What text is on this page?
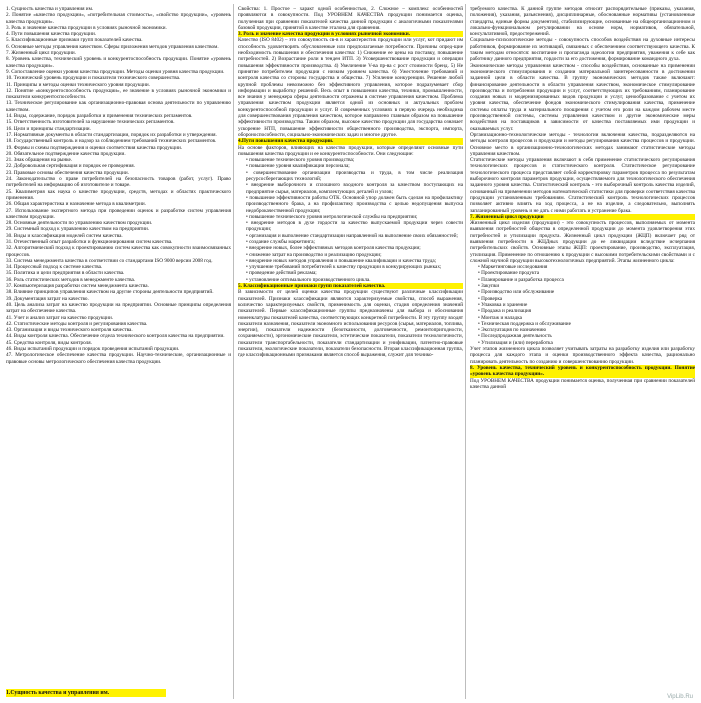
1. Сущность качества и управления им.
2. Понятие «качество продукции», «потребительная стоимость», «свойство продукции», «уровень качества продукции».
3. Роль и значение качества продукции в условиях рыночной экономики.
4. Пути повышения качества продукции.
5. Классификационные признаки групп показателей качества.
6. Основные методы управления качеством. Сферы приложения методов управления качеством.
7. Жизненный цикл продукции.
8. Уровень качества, технический уровень и конкурентоспособность продукции. Понятие «уровень качества продукции».
9. Сопоставление оценки уровня качества продукции. Методы оценки уровня качества продукции.
10. Технический уровень продукции и показатели технического совершенства.
11. Принципы и методы оценки технического уровня продукции.
12. Понятие «конкурентоспособность продукции», ее значение в условиях рыночной экономики и показатели конкурентоспособности.
13. Техническое регулирование как организационно-правовая основа деятельности по управлению качеством.
14. Виды, содержание, порядок разработки и применения технических регламентов.
15. Ответственность изготовителей за нарушение технических регламентов.
16. Цели и принципы стандартизации.
17. Нормативные документы в области стандартизации, порядок их разработки и утверждения.
18. Государственный контроль и надзор за соблюдением требований технических регламентов.
19. Формы и схемы подтверждения и оценки соответствия качества продукции.
20. Обязательное подтверждение качества продукции.
21. Знак обращения на рынке.
22. Добровольная сертификация и порядок ее проведения.
23. Правовые основы обеспечения качества продукции.
24. Законодательство о праве потребителей на безопасность товаров (работ, услуг). Право потребителей на информацию об изготовителе и товаре.
25. Квалиметрия как наука о качестве продукции, cредств, методах и областях практического применения.
26. Общая характеристика и назначение метода в квалиметрии.
27. Использование экспертного метода при проведении оценок и разработке систем управления качеством продукции.
28. Основные деятельности по управлению качеством продукции.
29. Системный подход к управлению качеством на предприятии.
30. Виды и классификация моделей систем качества.
31. Отечественный опыт разработки и функционирования систем качества.
32. Алгоритмический подход к проектированию систем качества как совокупности взаимосвязанных процессов.
33. Система менеджмента качества в соответствии со стандартами ISO 9000 версии 2008 год.
34. Процессный подход к системе качества.
35. Политика и цели предприятия в области качества.
36. Роль статистических методов в менеджменте качества.
37. Компьютеризация разработки систем менеджмента качества.
38. Влияние принципов управления качеством на другие стороны деятельности предприятий.
39. Документация затрат на качество.
40. Цель анализа затрат на качество продукции на предприятии. Основные принципы определения затрат на обеспечение качества.
41. Учет и анализ затрат на качество продукции.
42. Статистические методы контроля и регулирования качества.
43. Организация и виды технического контроля качества.
44. Виды контроля качества. Обеспечение отдела технического контроля качества на предприятии.
45. Средства контроля, виды контроля.
46. Виды испытаний продукции и порядок проведения испытаний продукции.
47. Метрологическое обеспечение качества продукции. Научно-технические, организационные и правовые основы метрологического обеспечения качества продукции.
Свойства: 1. Простое – характ одной особенностью, 2. Сложное – комплекс особенностей проявляются в совокупности. Под УРОВНЕМ КАЧЕСТВА продукции понимается оценка, полученная при сравнении показателей качества данной продукции с аналогичными показателями базовой продукции, принятой в качестве эталона для сравнения.
3. Роль и значение качества продукции в условиях рыночной экономики.
Качество (ISO 8402) – это совокупность св-в и характеристик продукции или услуг, кот придают им способность удовлетворять обусловленные или предполагаемые потребности. Причины опред-щие необходимость повышения и обеспечения качества: 1) Снижение ее цены на поставку, повышение потребностей. 2) Возрастание роли в тенден ИТП. 3) Усовершенствование продукции и операции повышения эффективности производства. 4) Увеличение V-ва пр-ва с рост стоимости бренд. 5) Не принятие потребителем продукции с низким уровнем качества. 6) Ужесточение требований и контроля качества со стороны государства и общества. 7) Усиление конкуренции. Решение любой крупной проблемы невозможно без эффективного управления, которое подразумевает сбор информации и выработку решений. Весь опыт в повышении качества, техники, промышленности, все знания у менеджера сферы деятельности отражены в системе управления качеством. Проблема управления качеством продукции является одной из основных и актуальных проблем конкурентоспособной продукции и услуг. В современных условиях в первую очередь необходима для совершенствования управления качеством, которое направлено главным образом на повышение эффективности производства. Таким образом, высокое качество продукции для государства означает ускорение НТП, повышение эффективности общественного производства, экспорта, импорта, обороноспособности, социально-экономических задач и многое другое.
4.Пути повышения качества продукции.
На основе факторов, влияющих на качество продукции, которые определяют основные пути повышения качества продукции и ее конкурентоспособности. Они следующие:
• повышение технического уровня производства;
• повышение уровня квалификации персонала;
• совершенствование организации производства и труда, в том числе реализация ресурсосберегающих технологий;
• внедрение выборочного и сплошного входного контроля за качеством поступающих на предприятие сырья, материалов, комплектующих деталей и узлов;
• повышение эффективности работы ОТК. Основной упор должен быть сделан на профилактику производственного брака, а на профилактику производства с целью недопущения выпуска недоброкачественной продукции;
• повышение технического уровня метрологической службы на предприятии;
• внедрение методов в духе гордости за качество выпускаемой продукции через совести продукции;
• организация и выполнение стандартизации направленной на выполнение своих обязанностей;
• создание службы маркетинга;
• внедрение новых, более эффективных методов контроля качества продукции;
• снижение затрат на производство и реализацию продукции;
• внедрение новых методов управления и повышение квалификации и качества труда;
• улучшение требований потребителей к качеству продукции в конкурирующих рынках;
• проведение действий реклама;
• установление оптимального производственного цикла.
5. Классификационные признаки групп показателей качества.
В зависимости от целей оценки качества продукции существуют различные классификации показателей. Признаки классификации являются характеризуемые свойства, способ выражения, количество характеризуемых свойств, применимость для оценки, стадия определения значений показателей. Первые классификационные группы предназначены для выбора и обоснования номенклатуры показателей качества, соответствующих конкретной потребности. В эту группу входят показатели назначения, показатели экономного использования ресурсов (сырья, материалов, топлива, энергии), показатели надежности (безотказности, долговечности, ремонтопригодности, сохраняемости), эргономические показатели, эстетические показатели, показатели технологичности, показатели транспортабельности, показатели стандартизации и унификации, патентно-правовые показатели, экологические показатели, показатели безопасности. Вторая классификационная группа, где классификационными признаками является способ выражения, служит для технико-
требуемого качества. К данной группе методов относят распорядительные (приказы, указания, положения), указания, разъяснения), дисциплинарные, обоснованные нормативы (установленные стандарты, единые формы документов), стабилизирующие, основанные на общеорганизационном и локально-функциональном регулировании на основе норм, нормативов, обязательной, консультативной, предостережений.
Социально-психологические методы - совокупность способов воздействия на духовные интересы работников, формирование их мотиваций, связанных с обеспечением соответствующего качества. К таким методам относятся: воспитание и пропаганда идеологии предприятия, уважения к себе как работнику данного предприятия, гордости за его достижения, формирование командного духа.
Экономические методы управления качеством - способы воздействия, основанные на применении экономического стимулирования и создании материальной заинтересованности в достижении заданной цели в области качества. В группу экономических методов также включают: финансирование деятельности в области управления качеством, экономическое стимулирование производства и потребления продукции и услуг, соответствующих их требованиям, планирование создания новых и модернизированных видов продукции и услуг, ценообразование с учетом их уровня качества, обеспечение фондов экономического стимулирования качества, применение системы оплаты труда и материального поощрения с учетом его роли на каждом рабочем месте производственной системы, системы управления качеством и другие экономические меры воздействия на поставщиков в зависимости от качества поставляемых ими продукции и оказываемых услуг.
Организационно-технологические методы - технологии включения качества, подразделяются на методы контроля процессов и продукции и методы регулирования качества процессов и продукции. Основное место в организационно-технологических методах занимают статистические методы управления качеством.
Статистические методы управления включают в себя применение статистического регулирования технологических процессов и статистического контроля. Статистическое регулирование технологического процесса представляет собой корректировку параметров процесса по результатам выборочного контроля параметров продукции, осуществляемого для технологического обеспечения заданного уровня качества. Статистический контроль - это выборочный контроль качества изделий, основанный на применении методов математической статистики для проверки соответствия качества продукции установленным требованиям. Статистический контроль технологических процессов позволяет активно влиять на ход процесса, а не на изделие, а следовательно, выполнять запланированный уровень и не дать с ними работать и устранение брака.
7. Жизненный цикл продукции
Жизненный цикл изделия (продукции) - это совокупность процессов, выполняемых от момента выявления потребностей общества в определенной продукции до момента удовлетворения этих потребностей и утилизации продукта. Жизненный цикл продукции (ЖЦП) включает ряд от выявления потребности в ЖЦДных продукции до ее ликвидации вследствие исчерпания потребительских свойств. Основные этапы ЖЦП: проектирование, производство, эксплуатация, утилизация. Применение по отношению к продукции с высокими потребительскими свойствами и с сложной научной продукции высокотехнологичных предприятий. Этапы жизненного цикла:
• Маркетинговые исследования
• Проектирование продукта
• Планирование и разработка процесса
• Закупки
• Производство или обслуживание
• Проверка
• Упаковка и хранение
• Продажа и реализация
• Монтаж и наладка
• Техническая поддержка и обслуживание
• Эксплуатация по назначению
• Последпродажная деятельность
• Утилизация и (или) переработка
Учет этапов жизненного цикла позволяет учитывать затраты на разработку изделия или разработку процесса для каждого этапа и оценки производственного эффекта качества, рационально планировать деятельность по созданию и совершенствованию продукции.
8. Уровень качества, технический уровень и конкурентоспособность продукции. Понятие «уровень качества продукции».
Под УРОВНЕМ КАЧЕСТВА продукции понимается оценка, полученная при сравнении показателей качества данной
1.Сущность качества и управления им.
VipLib.Ru
